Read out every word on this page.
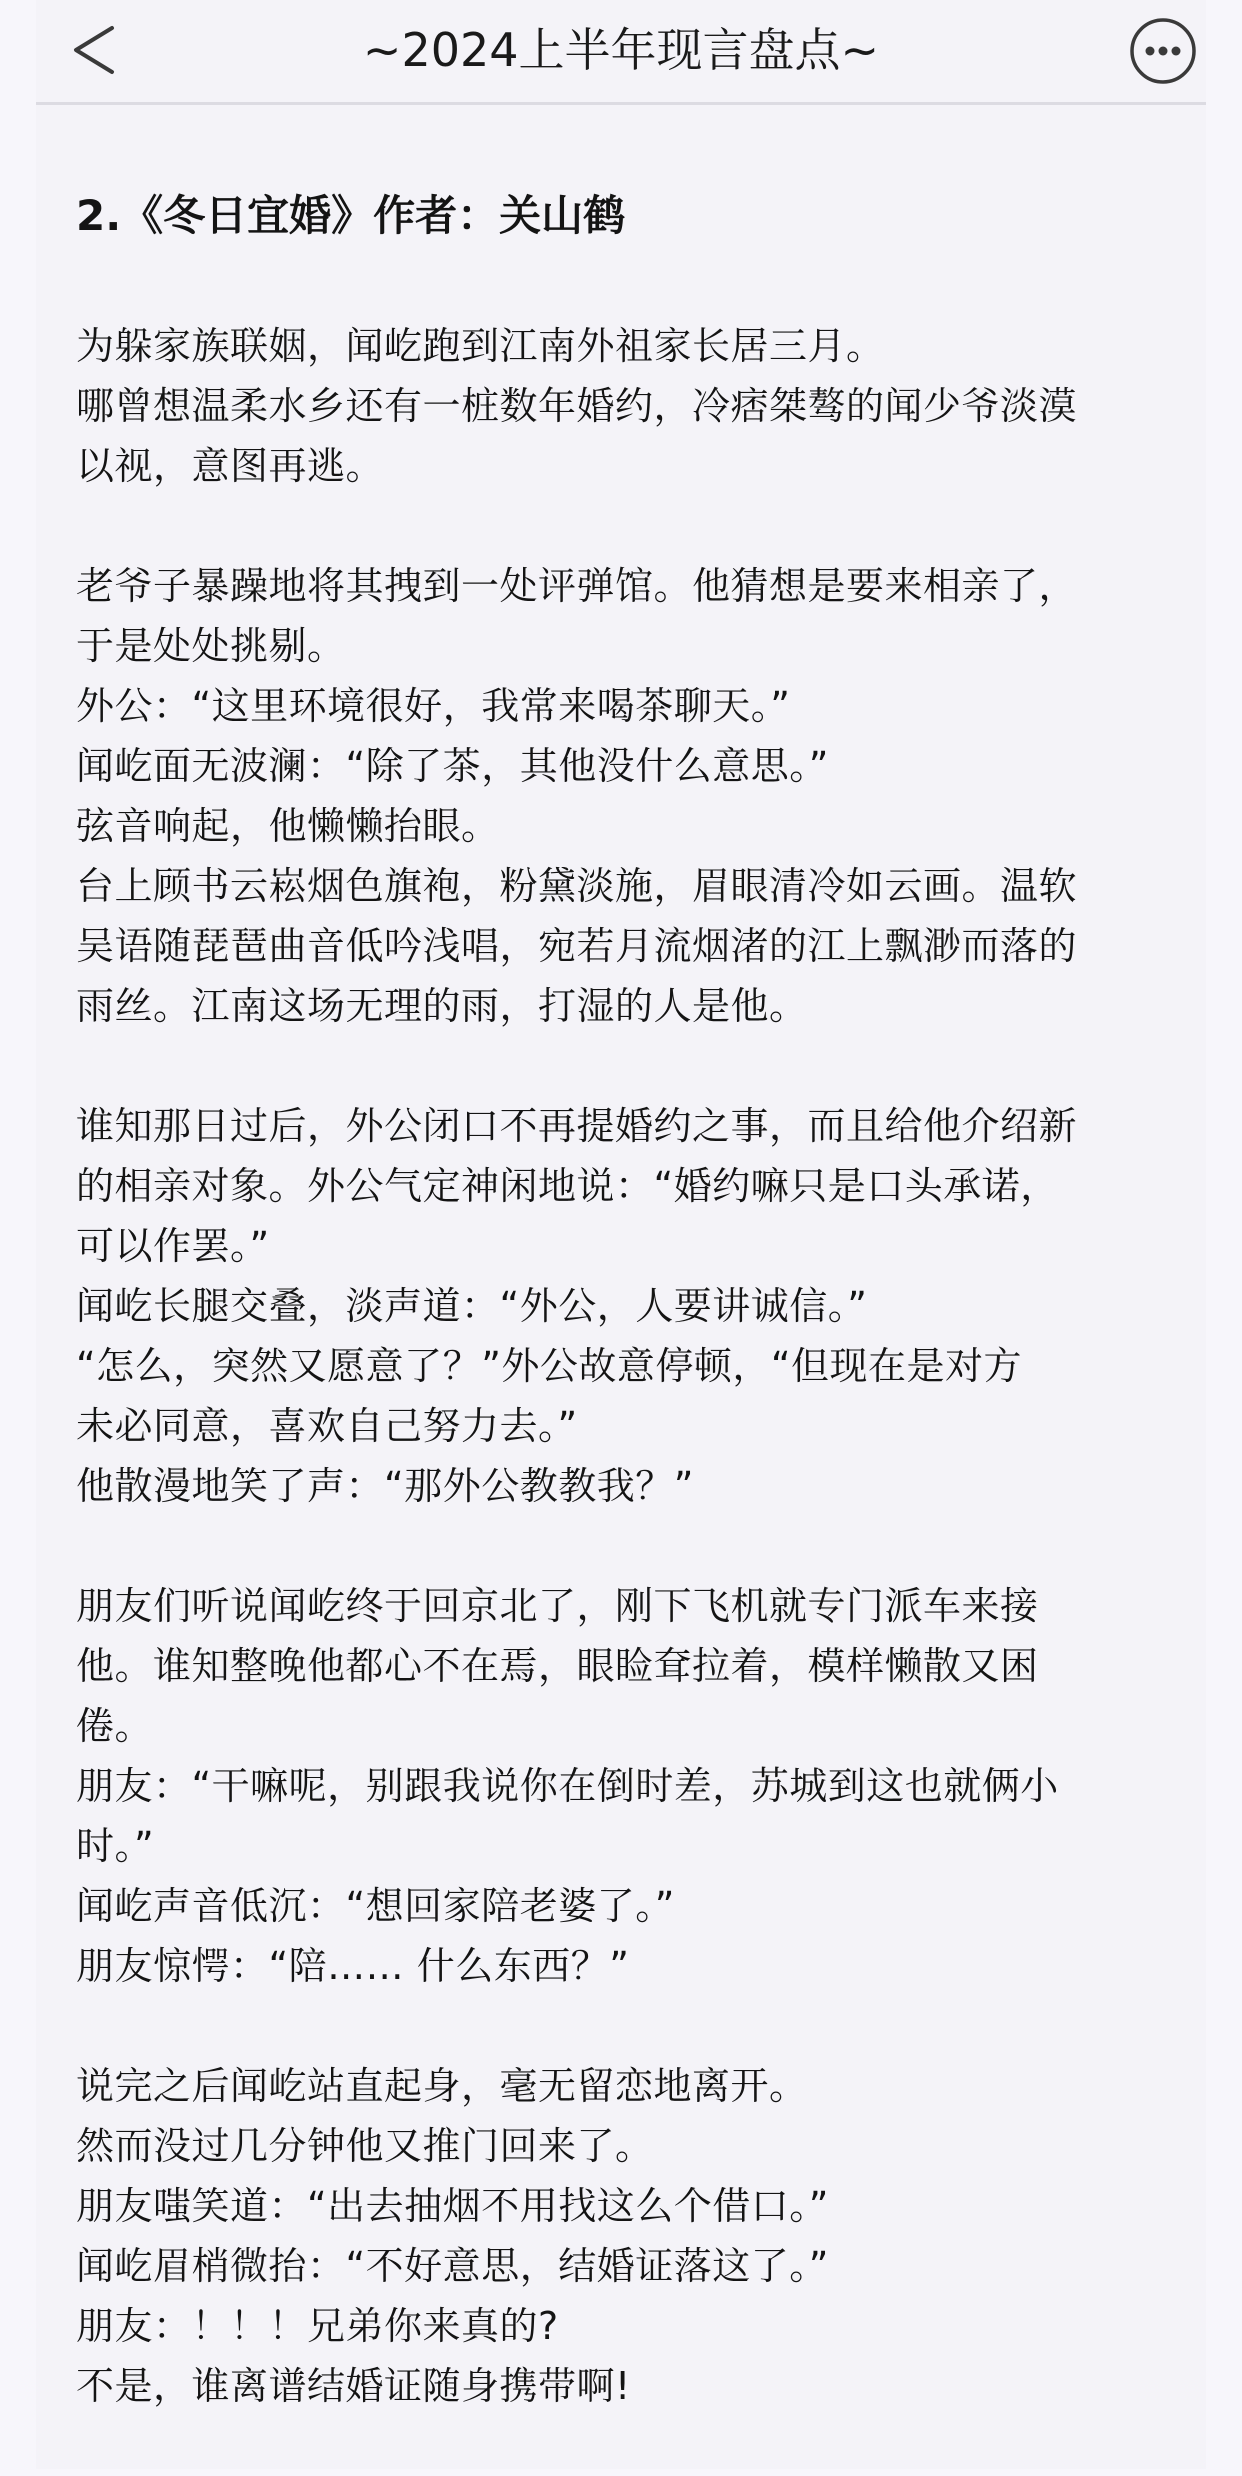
~2024上半年现言盘点~
2.《冬日宜婚》作者：关山鹤
为躲家族联姻，闻屹跑到江南外祖家长居三月。
哪曾想温柔水乡还有一桩数年婚约，冷痞桀骜的闻少爷淡漠
以视，意图再逃。
老爷子暴躁地将其拽到一处评弹馆。他猜想是要来相亲了，
于是处处挑剔。
外公：“这里环境很好，我常来喝茶聊天。”
闻屹面无波澜：“除了茶，其他没什么意思。”
弦音响起，他懒懒抬眼。
台上顾书云崧烟色旗袍，粉黛淡施，眉眼清冷如云画。温软
吴语随琵琶曲音低吟浅唱，宛若月流烟渚的江上飘渺而落的
雨丝。江南这场无理的雨，打湿的人是他。
谁知那日过后，外公闭口不再提婚约之事，而且给他介绍新
的相亲对象。外公气定神闲地说：“婚约嘛只是口头承诺，
可以作罢。”
闻屹长腿交叠，淡声道：“外公，人要讲诚信。”
“怎么，突然又愿意了？”外公故意停顿，“但现在是对方
未必同意，喜欢自己努力去。”
他散漫地笑了声：“那外公教教我？”
朋友们听说闻屹终于回京北了，刚下飞机就专门派车来接
他。谁知整晚他都心不在焉，眼睑耷拉着，模样懒散又困
倦。
朋友：“干嘛呢，别跟我说你在倒时差，苏城到这也就俩小
时。”
闻屹声音低沉：“想回家陪老婆了。”
朋友惊愕：“陪…… 什么东西？”
说完之后闻屹站直起身，毫无留恋地离开。
然而没过几分钟他又推门回来了。
朋友嗤笑道：“出去抽烟不用找这么个借口。”
闻屹眉梢微抬：“不好意思，结婚证落这了。”
朋友：！！！兄弟你来真的?
不是，谁离谱结婚证随身携带啊!
